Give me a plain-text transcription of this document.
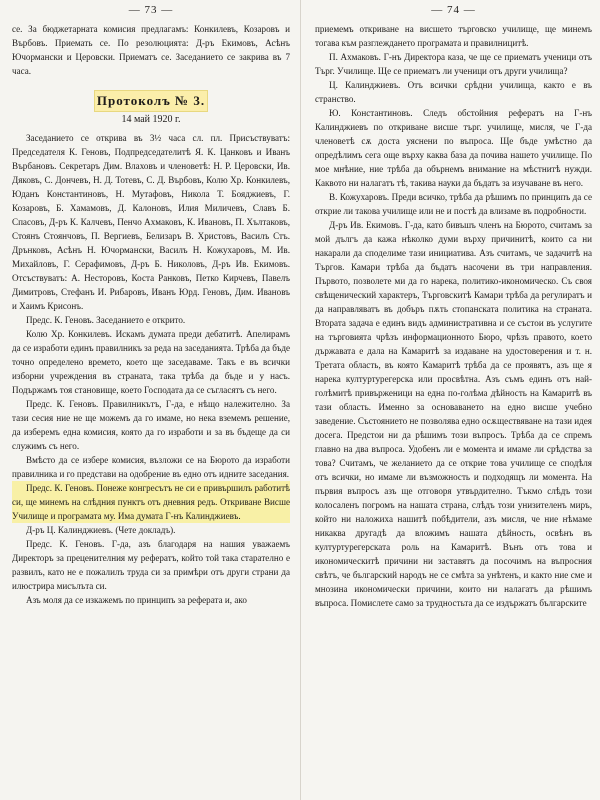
— 73 —

се. За бюджетарната комисия предлагамъ: Конкилевъ, Козаровъ и Върбовъ. Приемать се. По резолюцията: Д-ръ Екимовъ, Асѣнъ Ючормански и Церовски. Приематъ се. Заседанието се закрива въ 7 часа.

Протоколъ № 3.
14 май 1920 г.

Заседанието се открива въ 3½ часа сл. пл. Присъствуватъ: Председателя К. Геновъ, Подпредседателитѣ Я. К. Цанковъ и Иванъ Върбановъ. Секретаръ Дим. Влаховъ и членоветѣ: Н. Р. Церовски, Ив. Дяковъ, С. Дончевъ, Н. Д. Тотевъ, С. Д. Върбовъ, Колю Хр. Конкилевъ, Юданъ Константиновъ, Н. Мутафовъ, Никола Т. Бояджиевъ, Г. Козаровъ, Б. Хамамовъ, Д. Калоновъ, Илия Миличевъ, Славъ Б. Спасовъ, Д-ръ К. Калчевъ, Пенчо Ахмаковъ, К. Ивановъ, П. Хълтаковъ, Стоянъ Стоянчовъ, П. Вергиевъ, Белизаръ В. Христовъ, Василъ Стъ. Дрънковъ, Асѣнъ Н. Ючормански, Василъ Н. Кожухаровъ, М. Ив. Михайловъ, Г. Серафимовъ, Д-ръ Б. Николовъ, Д-ръ Ив. Екимовъ. Отсъствуватъ: А. Несторовъ, Коста Ранковъ, Петко Кирчевъ, Павелъ Димитровъ, Стефанъ И. Рибаровъ, Иванъ Юрд. Геновъ, Дим. Ивановъ и Хаимъ Крисонъ.

Предс. К. Геновъ. Заседанието е открито.

Колю Хр. Конкилевъ. Искамъ думата преди дебатитѣ. Апелирамъ да се изработи единъ правилникъ за реда на заседанията. Трѣба да бъде точно определено времето, което ще заседаваме. Такъ е въ всички изборни учреждения въ страната, така трѣба да бъде и у насъ. Подържамъ тоя становище, което Господата да се съгласятъ съ него.

Предс. К. Геновъ. Правилникътъ, Г-да, е нѣщо належително. За тази сесия ние не ще можемъ да го имаме, но нека вземемъ решение, да изберемъ една комисия, която да го изработи и за въ бъдеще да си служимъ съ него.

Вмѣсто да се избере комисия, възложи се на Бюрото да изработи правилника и го представи на одобрение въ едно отъ идните заседания.

Предс. К. Геновъ. Понеже конгресътъ не си е привършилъ работитѣ си, ще минемъ на слѣдния пунктъ отъ дневния редъ. Откриване Висше Училище и програмата му. Има думата Г-нъ Калинджиевъ.

Д-ръ Ц. Калинджиевъ. (Чете докладъ).

Предс. К. Геновъ. Г-да, азъ благодаря на нашия уважаемъ Директоръ за преценителния му рефератъ, който той така старателно е развилъ, като не е пожалилъ труда си за примѣри отъ други страни да илюстрира мисълъта си.

Азъ моля да се изкажемъ по принципъ за реферата и, ако

— 74 —

приемемъ откриване на висшето търговско училище, ще минемъ тогава към разглеждането програмата и правилницитѣ.

П. Ахмаковъ. Г-нъ Директора каза, че ще се приематъ ученици отъ Търг. Училище. Ще се приематъ ли ученици отъ други училища?

Ц. Калинджиевъ. Отъ всички срѣдни училища, както е въ странство.

Ю. Константиновъ. Следъ обстойния рефератъ на Г-нъ Калинджиевъ по откриване висше търг. училище, мисля, че Г-да членоветѣ сѫ доста уяснени по въпроса. Ще бъде умѣстно да опредѣлимъ сега още върху каква база да почива нашето училище. По мое мнѣние, ние трѣба да обърнемъ внимание на мѣстнитѣ нужди. Каквото ни налагатъ тѣ, такива науки да бъдатъ за изучаване въ него.

В. Кожухаровъ. Преди всичко, трѣба да рѣшимъ по принципъ да се открие ли такова училище или не и постѣ да влизаме въ подробности.

Д-ръ Ив. Екимовъ. Г-да, като бивъшъ членъ на Бюрото, считамъ за мой дългъ да кажа нѣколко думи върху причинитѣ, които са ни накарали да споделиме тази инициатива. Азъ считамъ, че задачитѣ на Търгов. Камари трѣба да бъдатъ насочени въ три направления. Първото, позволете ми да го нарека, политико-икономическо. Съ своя свѣщенический характеръ, Търговскитѣ Камари трѣба да регулиратъ и да направляватъ въ добъръ пѫть стопанската политика на страната. Втората задача е единъ видъ административна и се състои въ услугите на търговията чрѣзъ информационното Бюро, чрѣзъ правото, което държавата е дала на Камаритѣ за издаване на удостоверения и т. н. Третата область, въ която Камаритѣ трѣба да се проявятъ, азъ ще я нарека културтурегерска или просвѣтна. Азъ съмъ единъ отъ най-голѣмитѣ привърженици на една по-голѣма дѣйность на Камаритѣ въ тази область. Именно за основаването на едно висше учебно заведение. Състоянието не позволява едно осѫществяване на тази идея досега. Предстои ни да рѣшимъ този въпросъ. Трѣба да се спремъ главно на два въпроса. Удобенъ ли е момента и имаме ли срѣдства за това? Считамъ, че желанието да се открие това училище се сподѣля отъ всички, но имаме ли възможность и подходящъ ли момента. На първия въпросъ азъ ще отговоря утвърдително. Тъкмо слѣдъ този колосаленъ погромъ на нашата страна, слѣдъ този унизителенъ миръ, който ни наложиха нашитѣ побѣдители, азъ мисля, че ние нѣмаме никаква другадѣ да вложимъ нашата дѣйность, освѣнъ въ културтурегерската роль на Камаритѣ. Вънъ отъ това и икономическитѣ причини ни заставятъ да посочимъ на въпросния свѣтъ, че българский народъ не се смѣта за унѣтенъ, и както ние сме и мнозина икономически причини, които ни налагатъ да рѣшимъ въпроса. Помислете само за трудностьта да се издържатъ българските
